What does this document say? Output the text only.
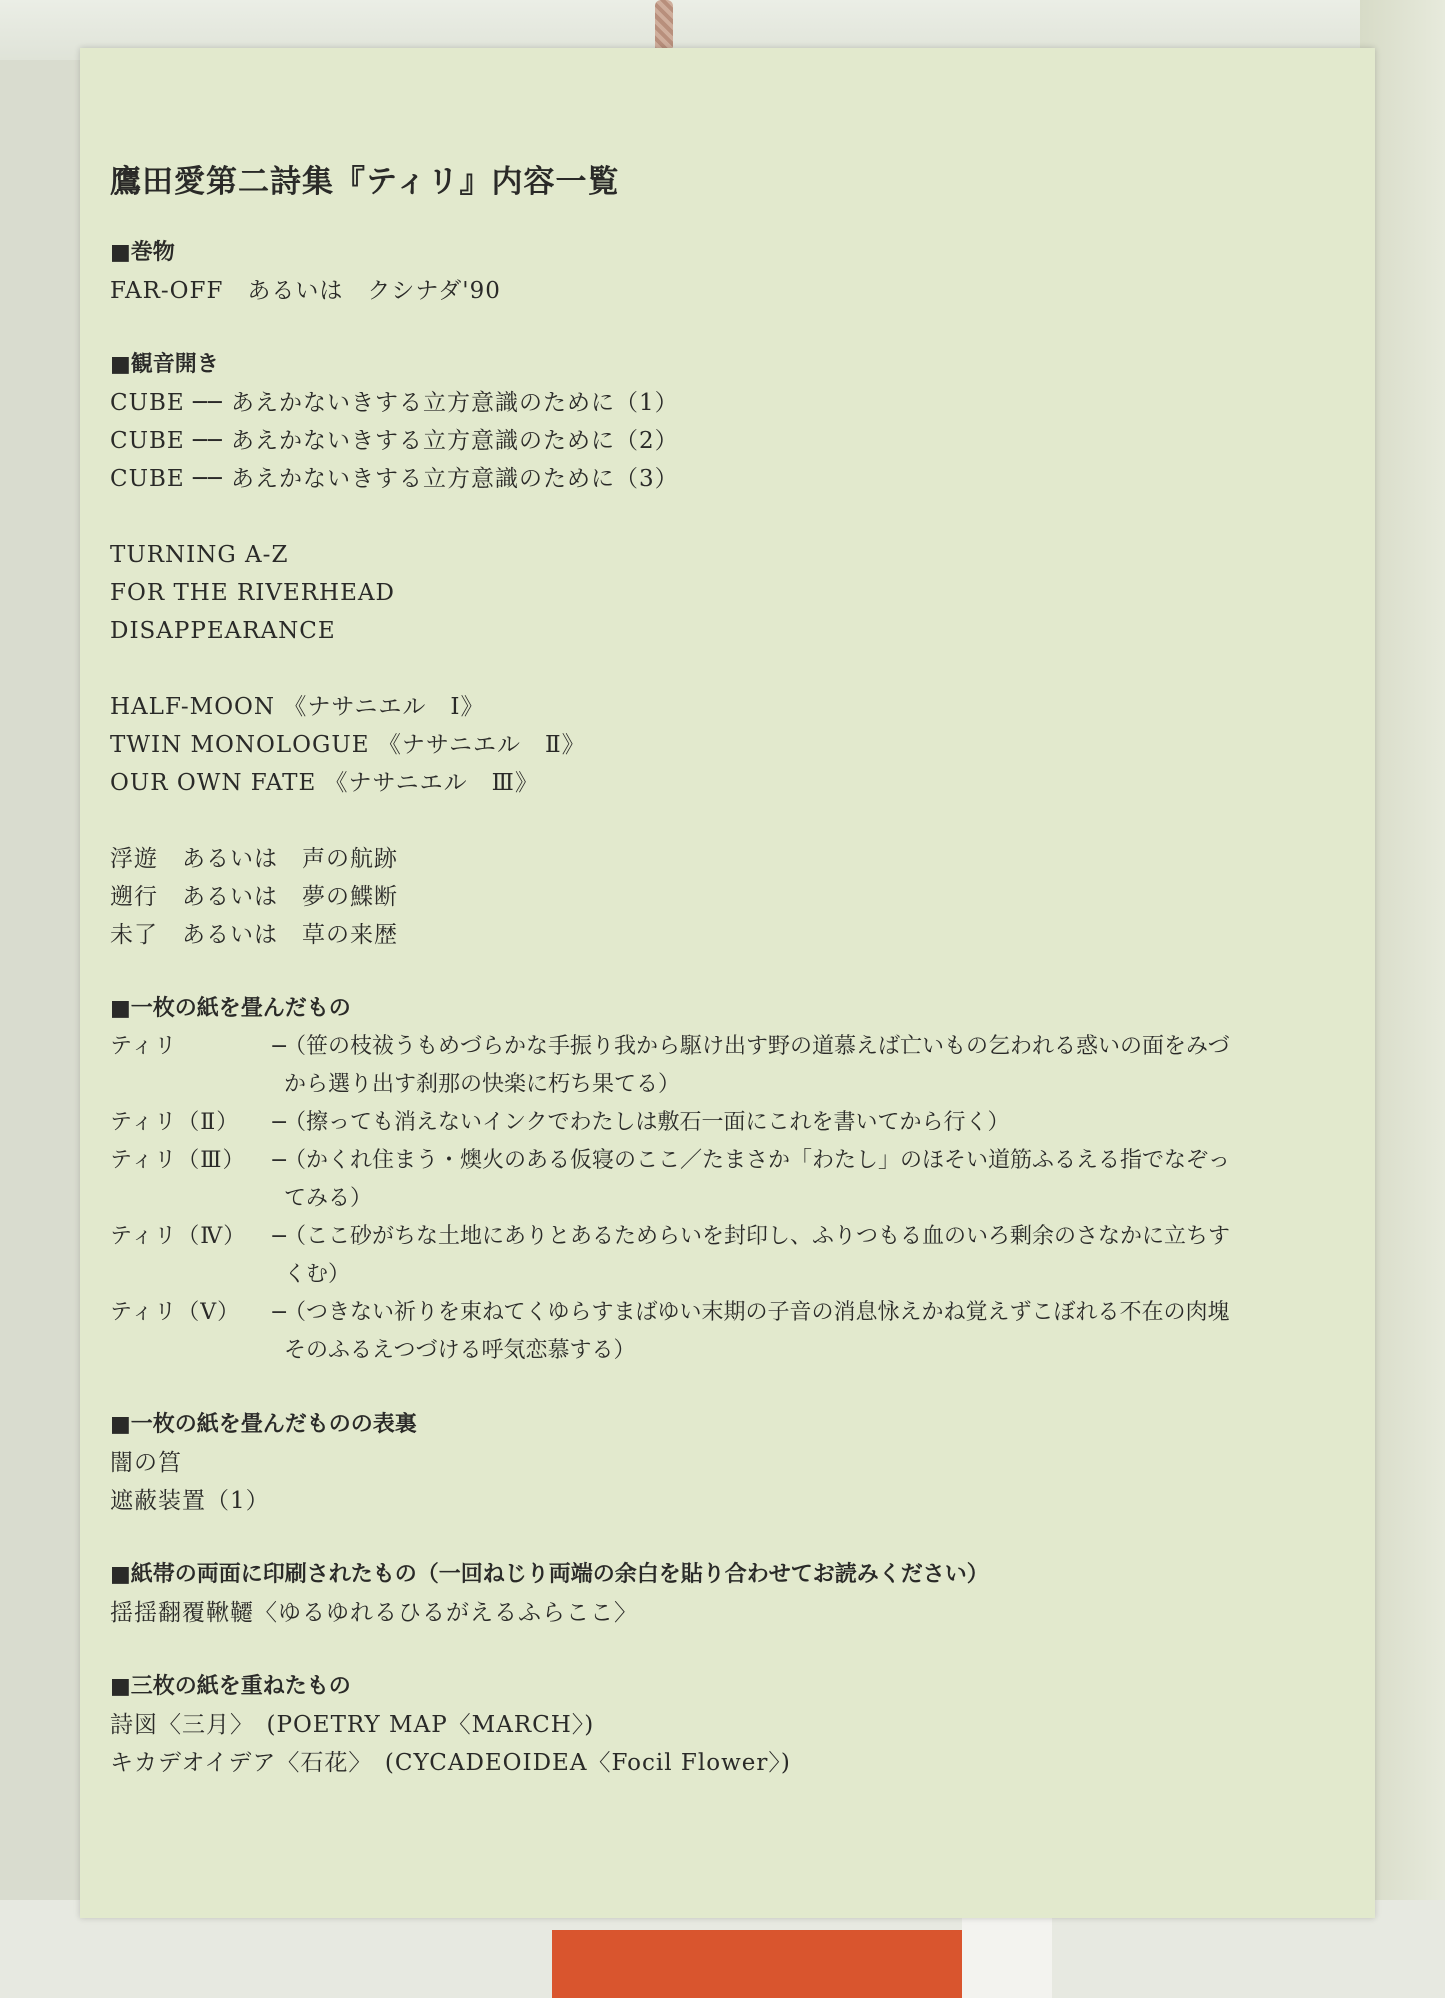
鷹田愛第二詩集『ティリ』内容一覧
■巻物
FAR-OFF　あるいは　クシナダ'90
■観音開き
CUBE ── あえかないきする立方意識のために（1）
CUBE ── あえかないきする立方意識のために（2）
CUBE ── あえかないきする立方意識のために（3）
TURNING A-Z
FOR THE RIVERHEAD
DISAPPEARANCE
HALF-MOON 《ナサニエル　Ⅰ》
TWIN MONOLOGUE 《ナサニエル　Ⅱ》
OUR OWN FATE 《ナサニエル　Ⅲ》
浮遊　あるいは　声の航跡
遡行　あるいは　夢の鰈断
未了　あるいは　草の来歴
■一枚の紙を畳んだもの
ティリ	−（笹の枝祓うもめづらかな手振り我から駆け出す野の道慕えば亡いもの乞われる惑いの面をみづ
から選り出す刹那の快楽に朽ち果てる）
ティリ（Ⅱ）	−（擦っても消えないインクでわたしは敷石一面にこれを書いてから行く）
ティリ（Ⅲ）	−（かくれ住まう・燠火のある仮寝のここ／たまさか「わたし」のほそい道筋ふるえる指でなぞっ
てみる）
ティリ（Ⅳ）	−（ここ砂がちな土地にありとあるためらいを封印し、ふりつもる血のいろ剰余のさなかに立ちす
くむ）
ティリ（Ⅴ）	−（つきない祈りを束ねてくゆらすまばゆい末期の子音の消息怺えかね覚えずこぼれる不在の肉塊
そのふるえつづける呼気恋慕する）
■一枚の紙を畳んだものの表裏
闇の筥
遮蔽装置（1）
■紙帯の両面に印刷されたもの（一回ねじり両端の余白を貼り合わせてお読みください）
揺揺翻覆鞦韆〈ゆるゆれるひるがえるふらここ〉
■三枚の紙を重ねたもの
詩図〈三月〉　(POETRY MAP〈MARCH〉)
キカデオイデア〈石花〉　(CYCADEOIDEA〈Focil Flower〉)
